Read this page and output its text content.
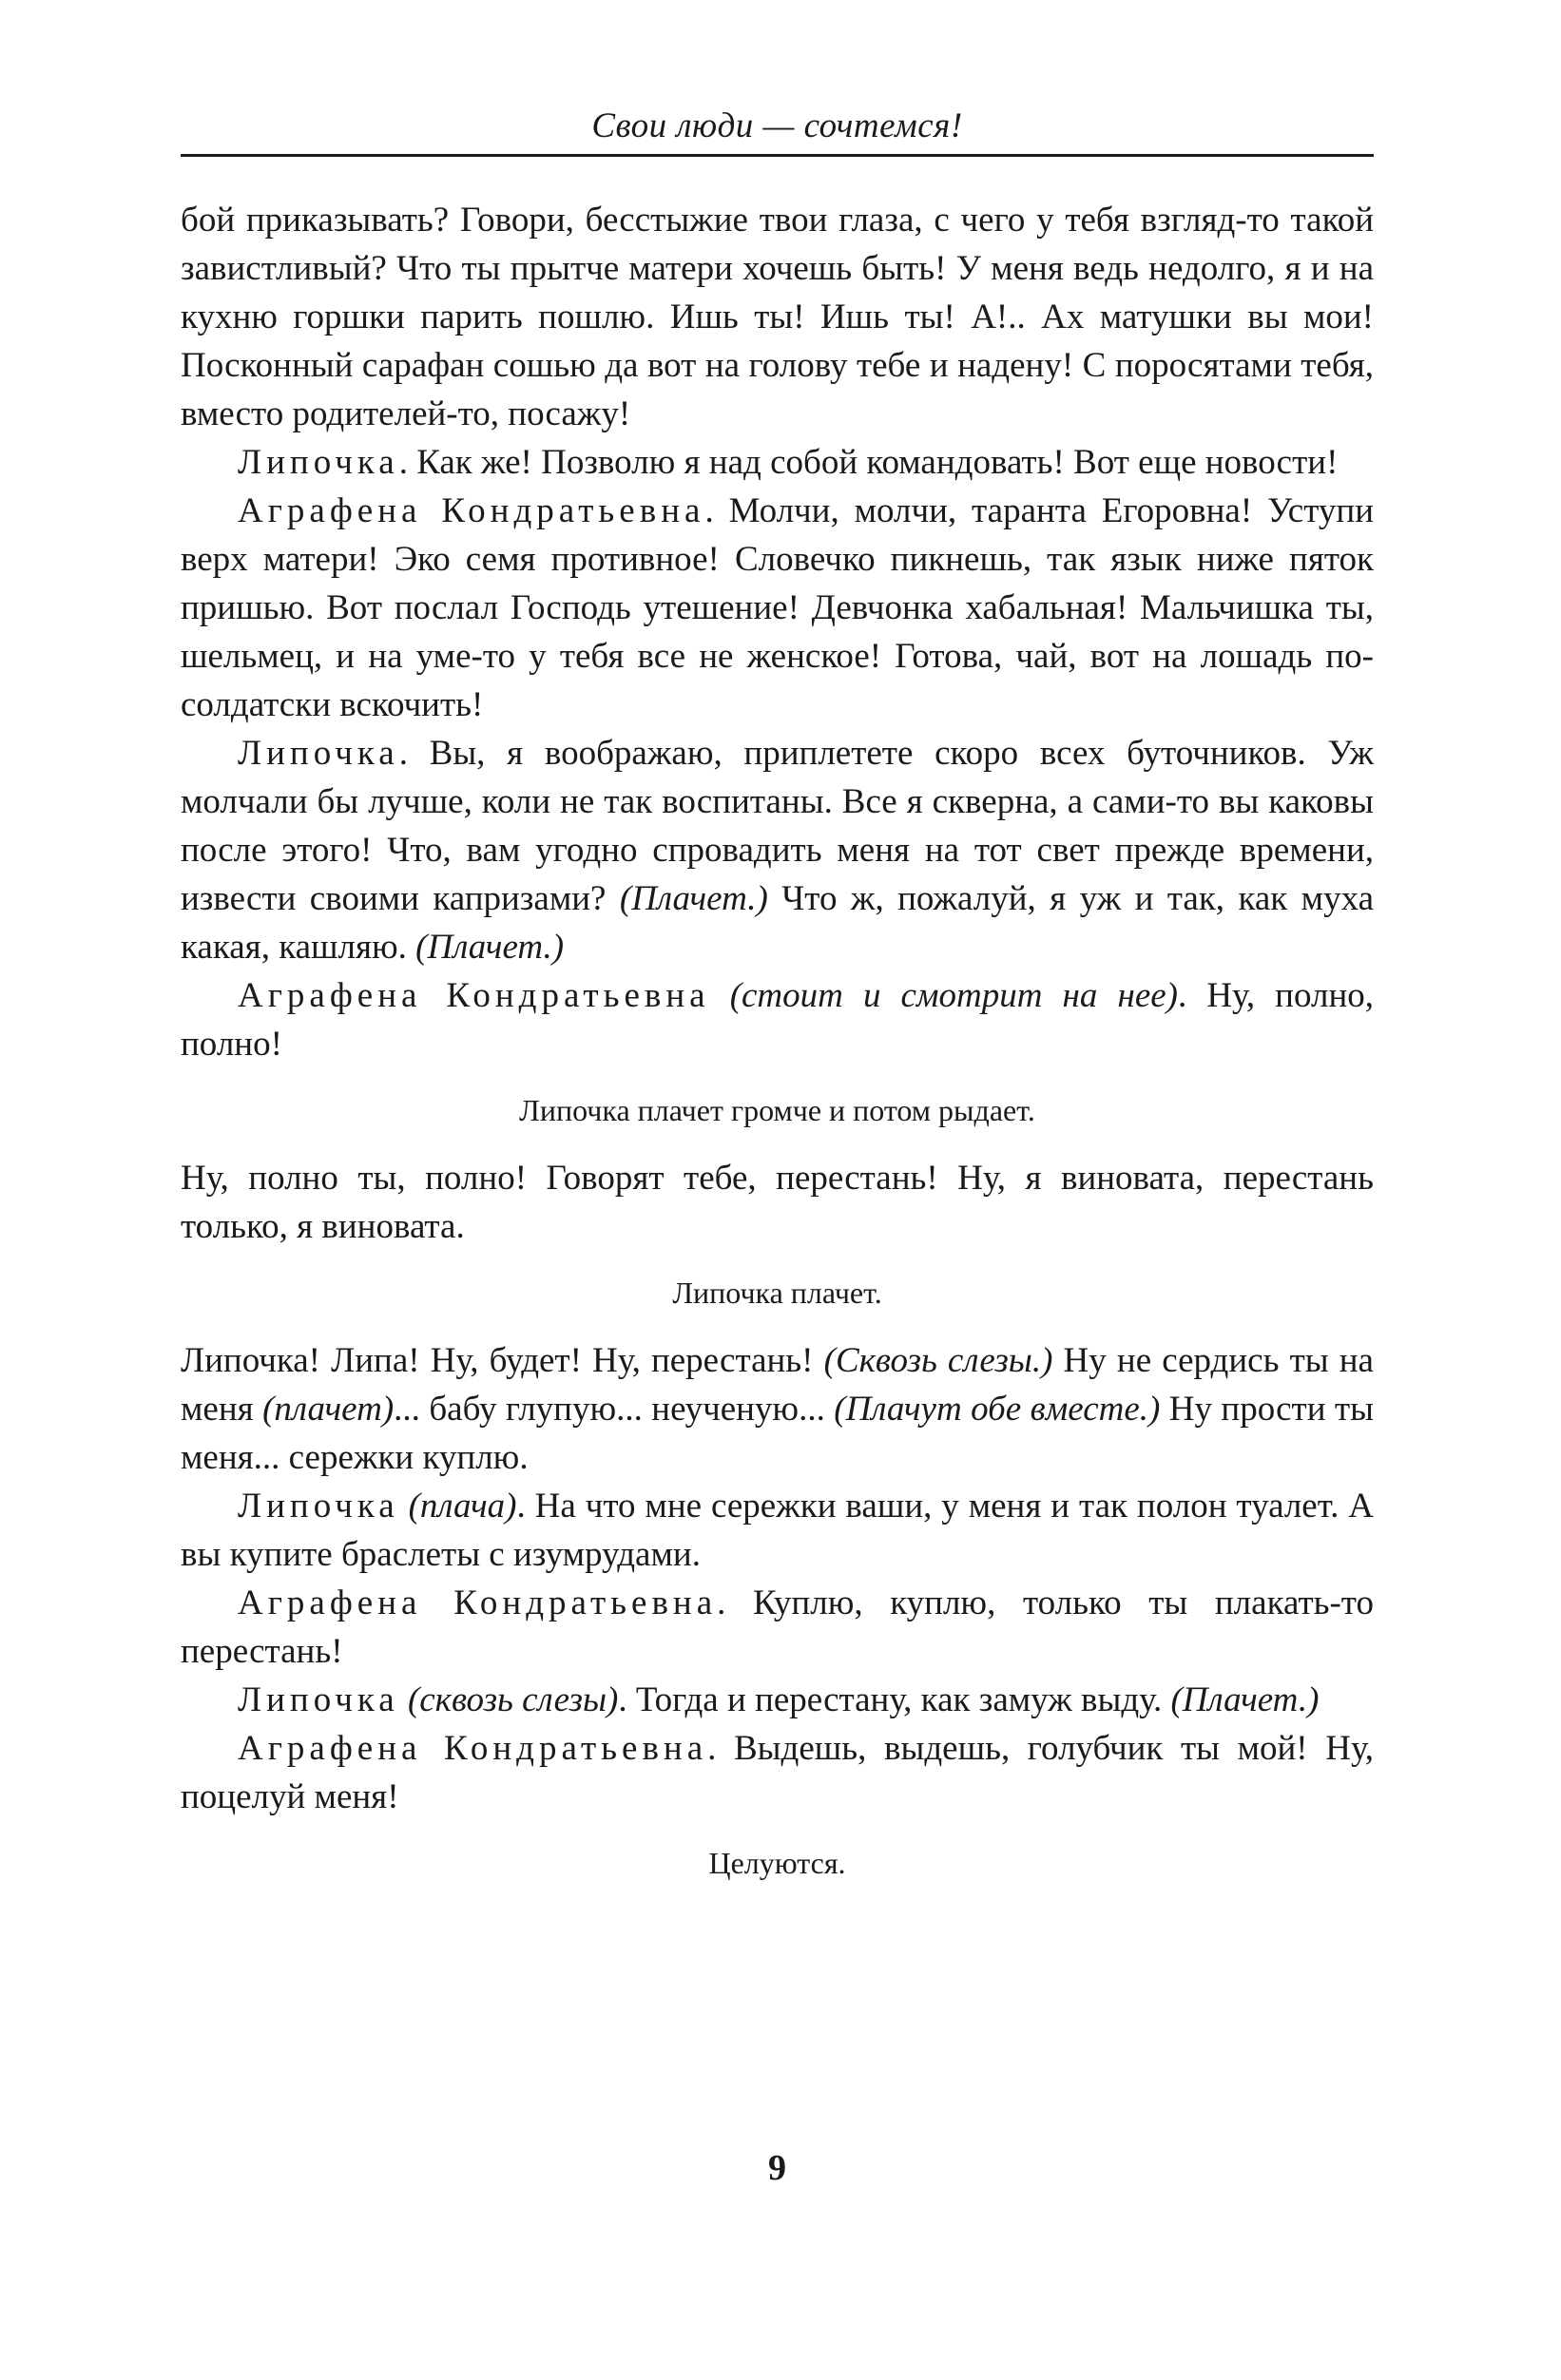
Свои люди — сочтемся!

бой приказывать? Говори, бесстыжие твои глаза, с чего у тебя взгляд-то такой завистливый? Что ты прытче матери хочешь быть! У меня ведь недолго, я и на кухню горшки парить пошлю. Ишь ты! Ишь ты! А!.. Ах матушки вы мои! Посконный сарафан сошью да вот на голову тебе и надену! С поросятами тебя, вместо родителей-то, посажу!

Липочка. Как же! Позволю я над собой командовать! Вот еще новости!

Аграфена Кондратьевна. Молчи, молчи, таранта Егоровна! Уступи верх матери! Эко семя противное! Словечко пикнешь, так язык ниже пяток пришью. Вот послал Господь утешение! Девчонка хабальная! Мальчишка ты, шельмец, и на уме-то у тебя все не женское! Готова, чай, вот на лошадь по-солдатски вскочить!

Липочка. Вы, я воображаю, приплетете скоро всех буточников. Уж молчали бы лучше, коли не так воспитаны. Все я скверна, а сами-то вы каковы после этого! Что, вам угодно спровадить меня на тот свет прежде времени, извести своими капризами? (Плачет.) Что ж, пожалуй, я уж и так, как муха какая, кашляю. (Плачет.)

Аграфена Кондратьевна (стоит и смотрит на нее). Ну, полно, полно!

Липочка плачет громче и потом рыдает.

Ну, полно ты, полно! Говорят тебе, перестань! Ну, я виновата, перестань только, я виновата.

Липочка плачет.

Липочка! Липа! Ну, будет! Ну, перестань! (Сквозь слезы.) Ну не сердись ты на меня (плачет)... бабу глупую... неученую... (Плачут обе вместе.) Ну прости ты меня... сережки куплю.

Липочка (плача). На что мне сережки ваши, у меня и так полон туалет. А вы купите браслеты с изумрудами.

Аграфена Кондратьевна. Куплю, куплю, только ты плакать-то перестань!

Липочка (сквозь слезы). Тогда и перестану, как замуж выду. (Плачет.)

Аграфена Кондратьевна. Выдешь, выдешь, голубчик ты мой! Ну, поцелуй меня!

Целуются.

9
